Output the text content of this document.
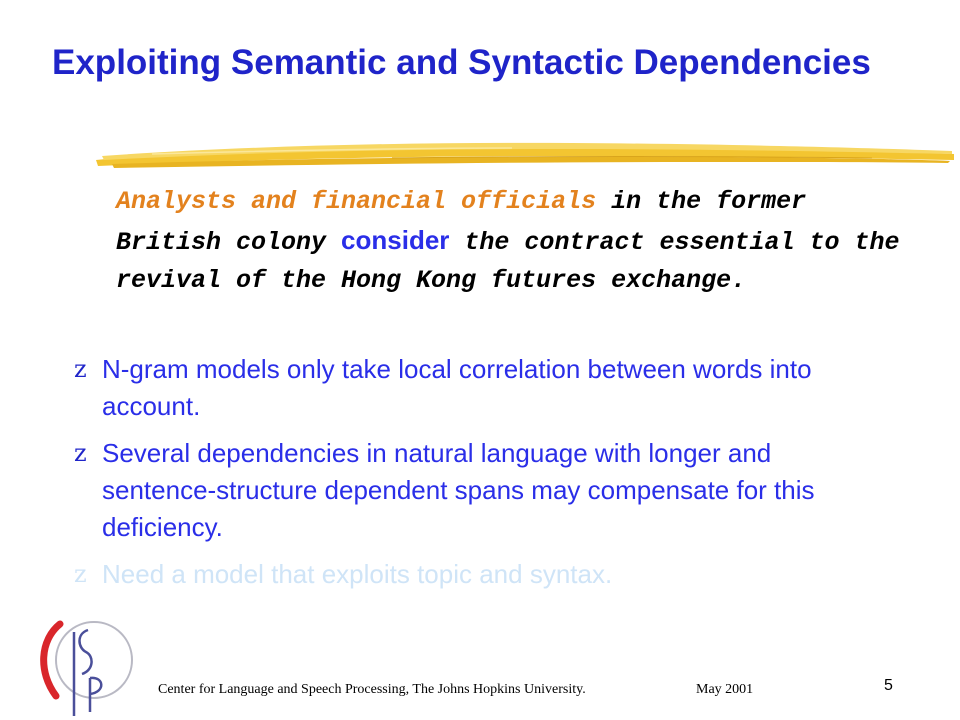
Exploiting Semantic and Syntactic Dependencies
Analysts and financial officials in the former British colony consider the contract essential to the revival of the Hong Kong futures exchange.
z N-gram models only take local correlation between words into account.
z Several dependencies in natural language with longer and sentence-structure dependent spans may compensate for this deficiency.
z Need a model that exploits topic and syntax.
Center for Language and Speech Processing, The Johns Hopkins University.	May 2001	5
